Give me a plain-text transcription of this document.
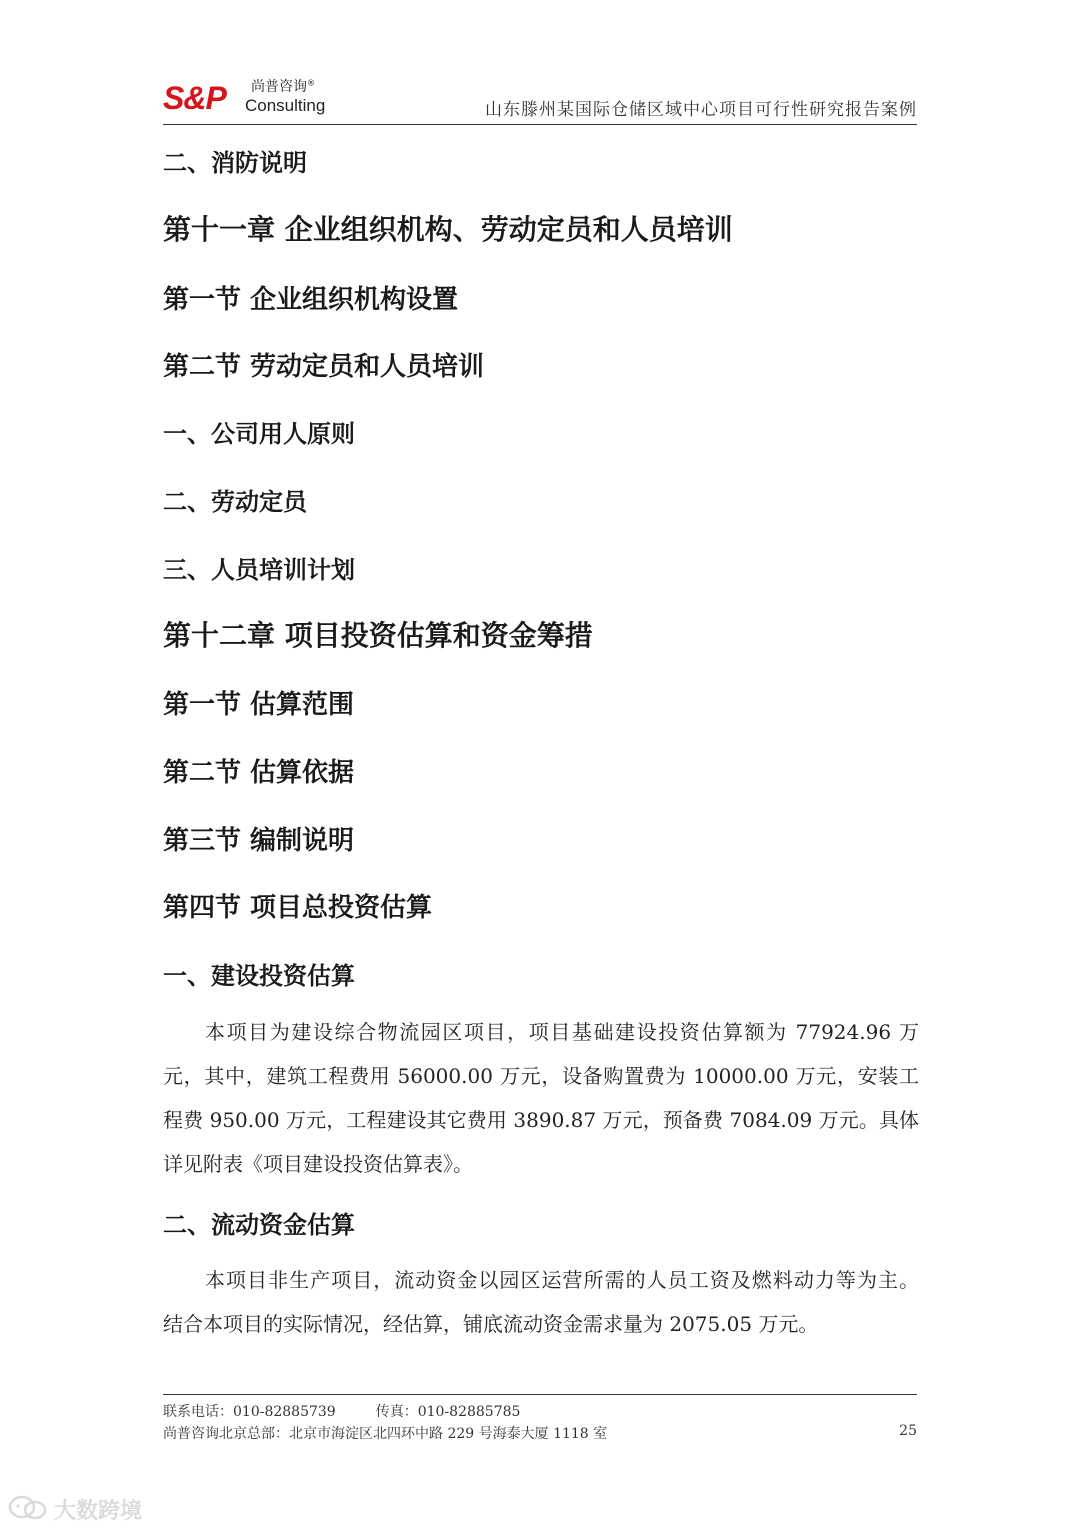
S&P 尚普咨询®
Consulting	山东滕州某国际仓储区域中心项目可行性研究报告案例
二、消防说明
第十一章 企业组织机构、劳动定员和人员培训
第一节 企业组织机构设置
第二节 劳动定员和人员培训
一、公司用人原则
二、劳动定员
三、人员培训计划
第十二章 项目投资估算和资金筹措
第一节 估算范围
第二节 估算依据
第三节 编制说明
第四节 项目总投资估算
一、建设投资估算
本项目为建设综合物流园区项目，项目基础建设投资估算额为 77924.96 万
元，其中，建筑工程费用 56000.00 万元，设备购置费为 10000.00 万元，安装工
程费 950.00 万元，工程建设其它费用 3890.87 万元，预备费 7084.09 万元。具体
详见附表《项目建设投资估算表》。
二、流动资金估算
本项目非生产项目，流动资金以园区运营所需的人员工资及燃料动力等为主。
结合本项目的实际情况，经估算，铺底流动资金需求量为 2075.05 万元。
联系电话：010-82885739	传真：010-82885785
尚普咨询北京总部：北京市海淀区北四环中路 229 号海泰大厦 1118 室	25
大数跨境
